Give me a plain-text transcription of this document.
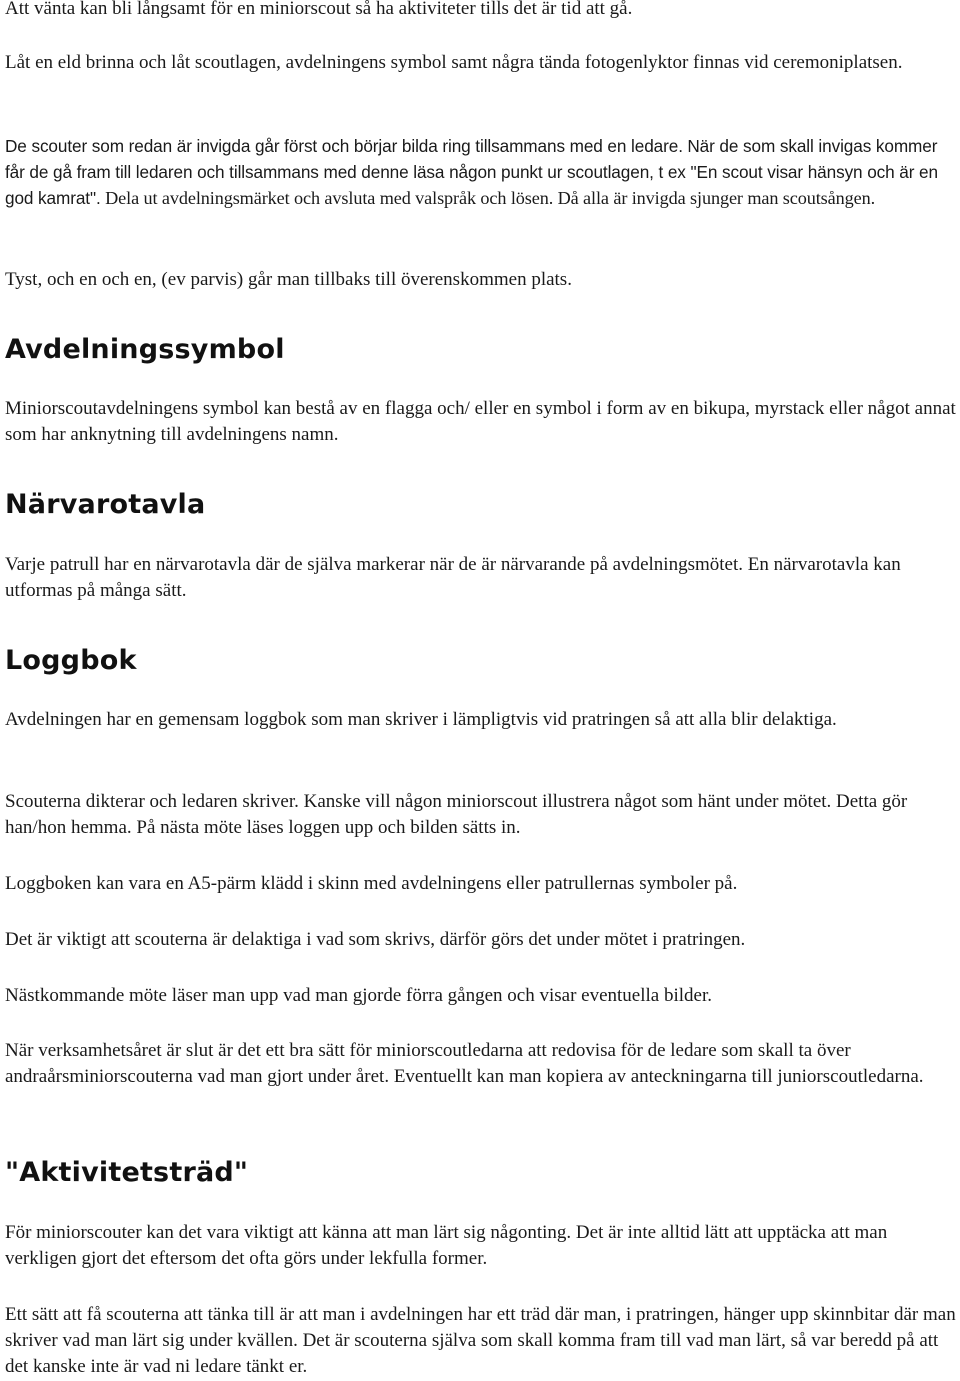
Att vänta kan bli långsamt för en miniorscout så ha aktiviteter tills det är tid att gå.

Låt en eld brinna och låt scoutlagen, avdelningens symbol samt några tända fotogenlyktor finnas vid ceremoniplatsen.

De scouter som redan är invigda går först och börjar bilda ring tillsammans med en ledare. När de som skall invigas kommer får de gå fram till ledaren och tillsammans med denne läsa någon punkt ur scoutlagen, t ex "En scout visar hänsyn och är en god kamrat". Dela ut avdelningsmärket och avsluta med valspråk och lösen. Då alla är invigda sjunger man scoutsången.

Tyst, och en och en, (ev parvis) går man tillbaks till överenskommen plats.

Avdelningssymbol

Miniorscoutavdelningens symbol kan bestå av en flagga och/ eller en symbol i form av en bikupa, myrstack eller något annat som har anknytning till avdelningens namn.

Närvarotavla

Varje patrull har en närvarotavla där de själva markerar när de är närvarande på avdelningsmötet. En närvarotavla kan utformas på många sätt.

Loggbok

Avdelningen har en gemensam loggbok som man skriver i lämpligtvis vid pratringen så att alla blir delaktiga.

Scouterna dikterar och ledaren skriver. Kanske vill någon miniorscout illustrera något som hänt under mötet. Detta gör han/hon hemma. På nästa möte läses loggen upp och bilden sätts in.

Loggboken kan vara en A5-pärm klädd i skinn med avdelningens eller patrullernas symboler på.

Det är viktigt att scouterna är delaktiga i vad som skrivs, därför görs det under mötet i pratringen.

Nästkommande möte läser man upp vad man gjorde förra gången och visar eventuella bilder.

När verksamhetsåret är slut är det ett bra sätt för miniorscoutledarna att redovisa för de ledare som skall ta över andraårsminiorscouterna vad man gjort under året. Eventuellt kan man kopiera av anteckningarna till juniorscoutledarna.

"Aktivitetsträd"

För miniorscouter kan det vara viktigt att känna att man lärt sig någonting. Det är inte alltid lätt att upptäcka att man verkligen gjort det eftersom det ofta görs under lekfulla former.

Ett sätt att få scouterna att tänka till är att man i avdelningen har ett träd där man, i pratringen, hänger upp skinnbitar där man skriver vad man lärt sig under kvällen. Det är scouterna själva som skall komma fram till vad man lärt, så var beredd på att det kanske inte är vad ni ledare tänkt er.
